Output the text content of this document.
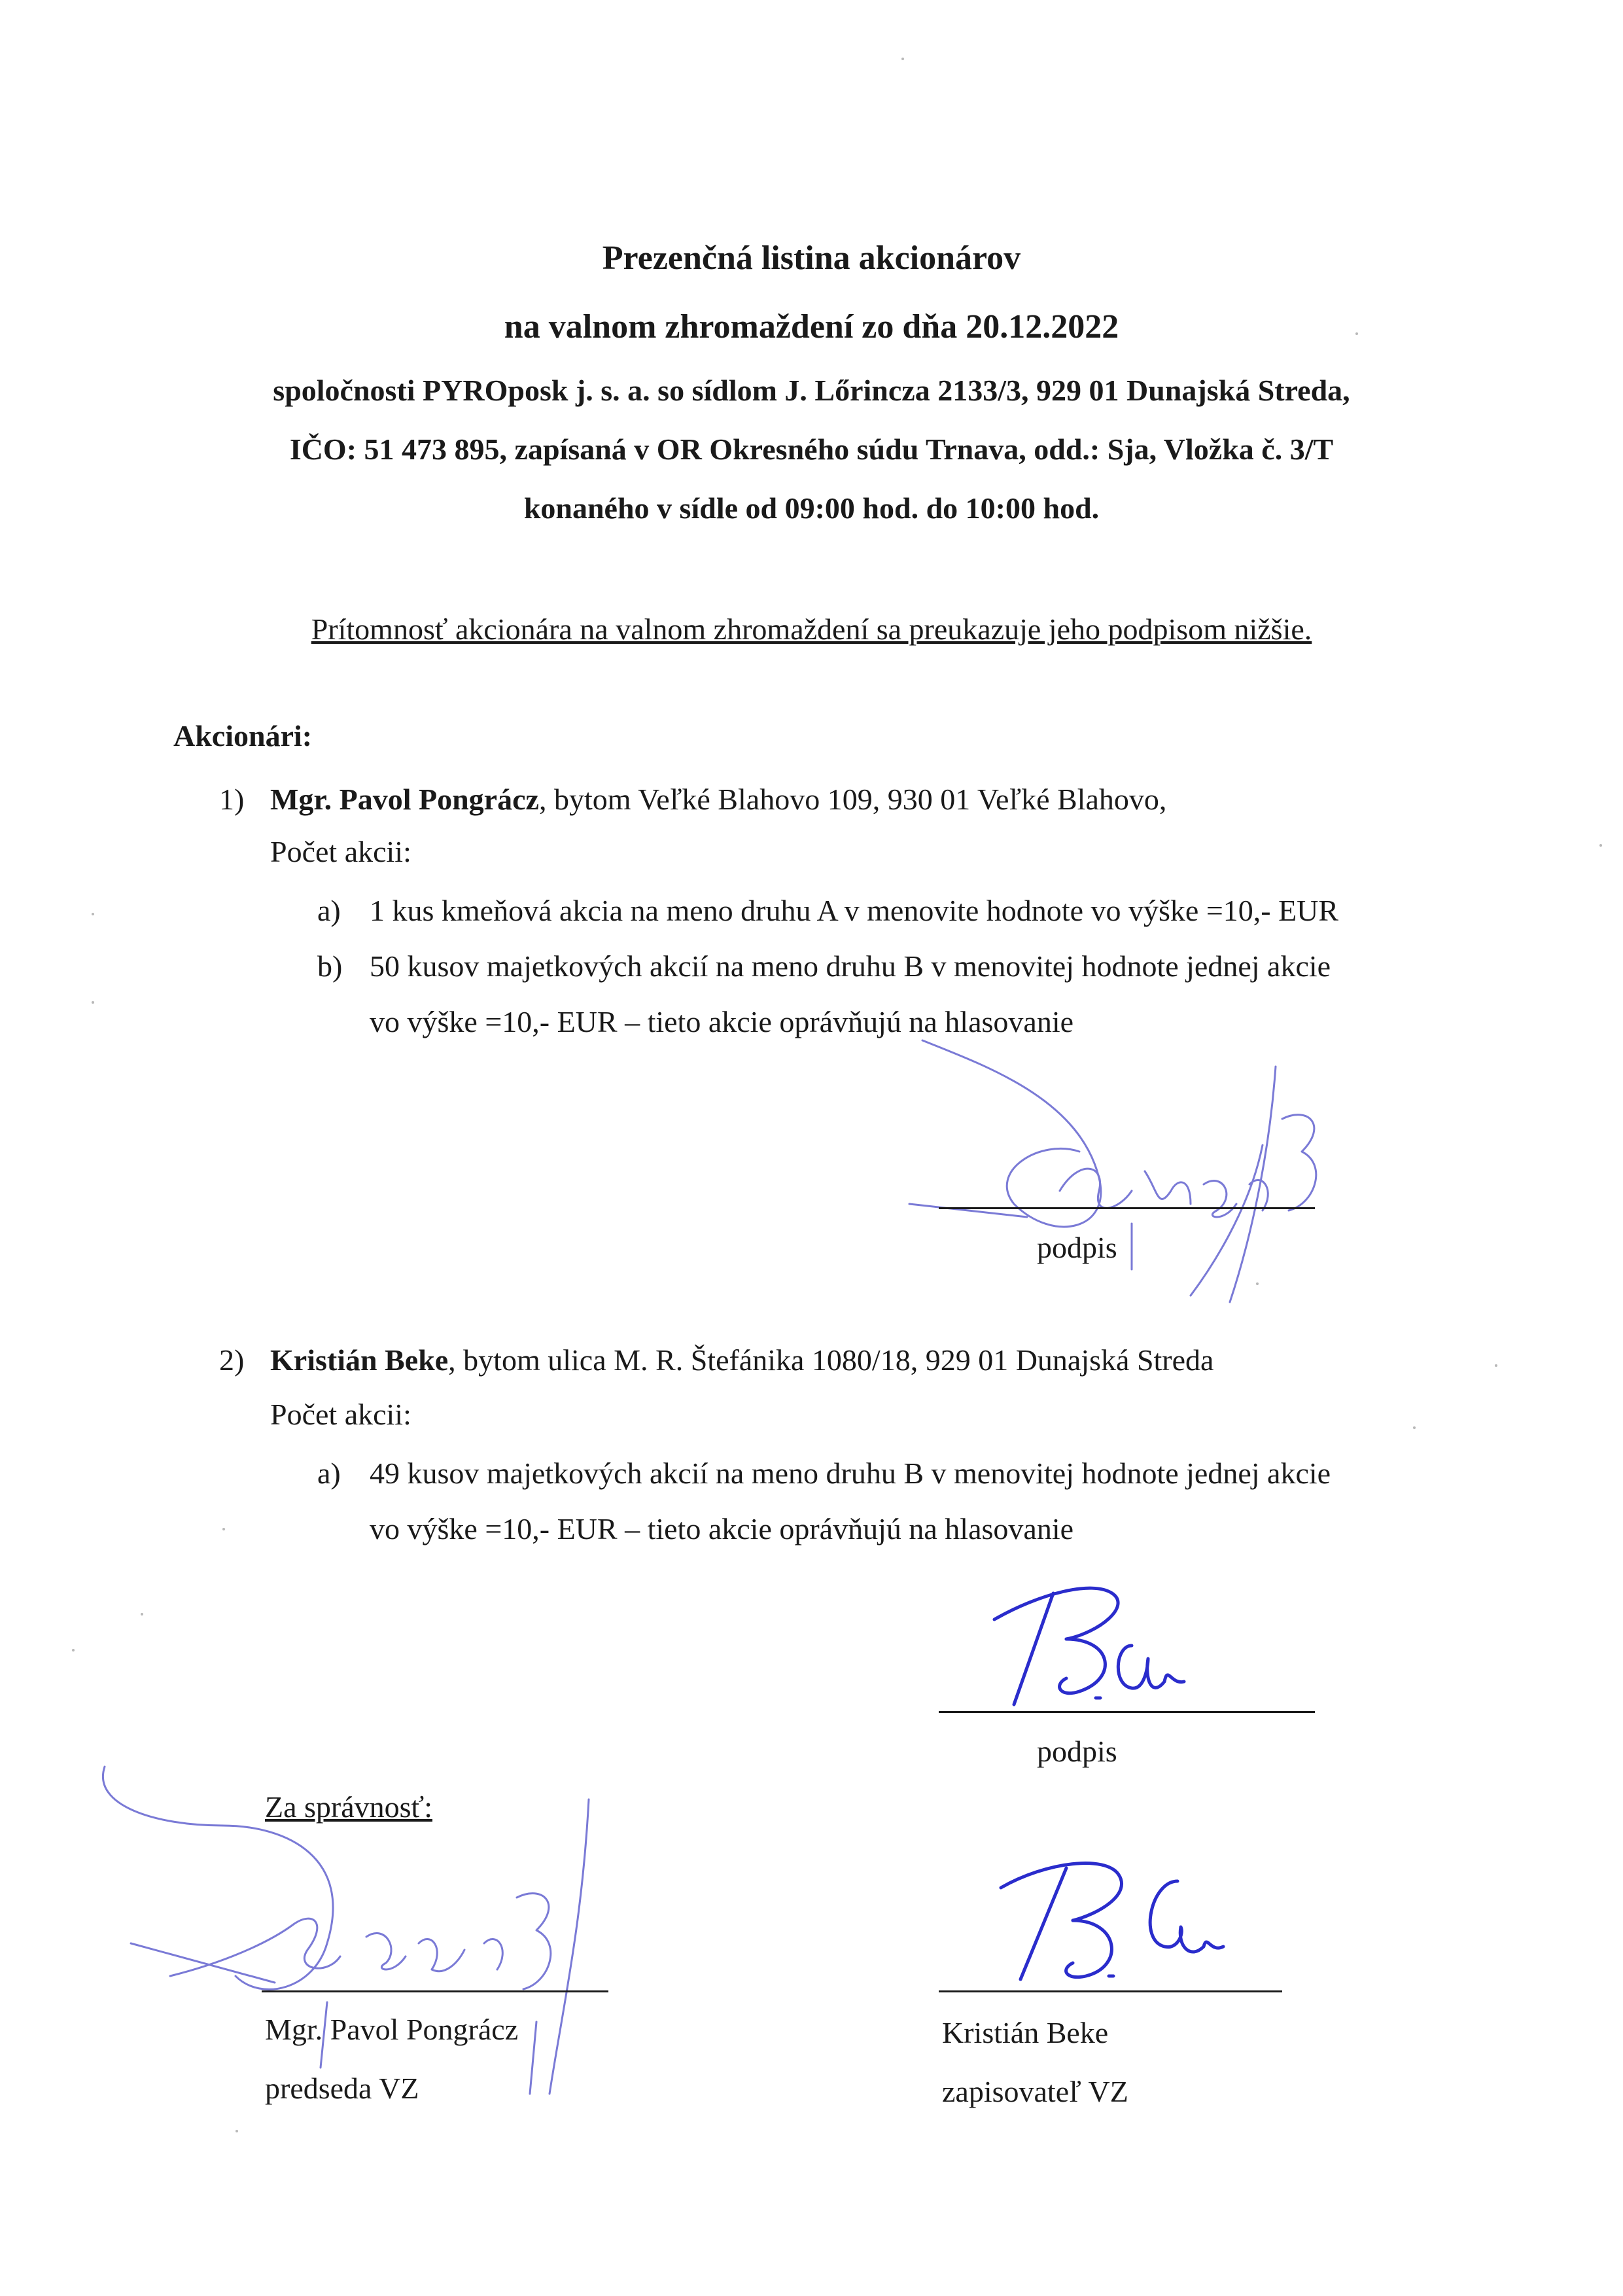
Prezenčná listina akcionárov
na valnom zhromaždení zo dňa 20.12.2022
spoločnosti PYROposk j. s. a. so sídlom J. Lőrincza 2133/3, 929 01 Dunajská Streda,
IČO: 51 473 895, zapísaná v OR Okresného súdu Trnava, odd.: Sja, Vložka č. 3/T
konaného v sídle od 09:00 hod. do 10:00 hod.
Prítomnosť akcionára na valnom zhromaždení sa preukazuje jeho podpisom nižšie.
Akcionári:
1) Mgr. Pavol Pongrácz, bytom Veľké Blahovo 109, 930 01 Veľké Blahovo,
Počet akcii:
a) 1 kus kmeňová akcia na meno druhu A v menovite hodnote vo výške =10,- EUR
b) 50 kusov majetkových akcií na meno druhu B v menovitej hodnote jednej akcie
vo výške =10,- EUR – tieto akcie oprávňujú na hlasovanie
podpis
2) Kristián Beke, bytom ulica M. R. Štefánika 1080/18, 929 01 Dunajská Streda
Počet akcii:
a) 49 kusov majetkových akcií na meno druhu B v menovitej hodnote jednej akcie
vo výške =10,- EUR – tieto akcie oprávňujú na hlasovanie
podpis
Za správnosť:
Mgr. Pavol Pongrácz
predseda VZ
Kristián Beke
zapisovateľ VZ
